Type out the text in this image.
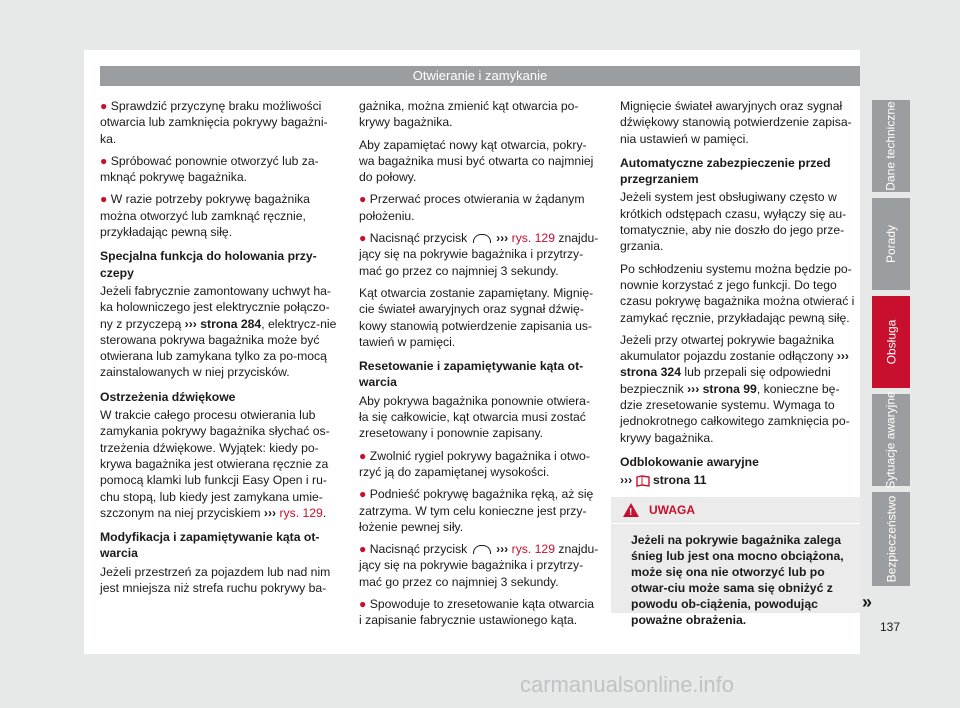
Otwieranie i zamykanie

● Sprawdzić przyczynę braku możliwości otwarcia lub zamknięcia pokrywy bagażni-ka.

● Spróbować ponownie otworzyć lub za-mknąć pokrywę bagażnika.

● W razie potrzeby pokrywę bagażnika można otworzyć lub zamknąć ręcznie, przykładając pewną siłę.

Specjalna funkcja do holowania przy-czepy

Jeżeli fabrycznie zamontowany uchwyt ha-ka holowniczego jest elektrycznie połączo-ny z przyczepą ››› strona 284, elektrycz-nie sterowana pokrywa bagażnika może być otwierana lub zamykana tylko za po-mocą zainstalowanych w niej przycisków.

Ostrzeżenia dźwiękowe

W trakcie całego procesu otwierania lub zamykania pokrywy bagażnika słychać os-trzeżenia dźwiękowe. Wyjątek: kiedy po-krywa bagażnika jest otwierana ręcznie za pomocą klamki lub funkcji Easy Open i ru-chu stopą, lub kiedy jest zamykana umie-szczonym na niej przyciskiem ››› rys. 129.

Modyfikacja i zapamiętywanie kąta ot-warcia

Jeżeli przestrzeń za pojazdem lub nad nim jest mniejsza niż strefa ruchu pokrywy ba-

gażnika, można zmienić kąt otwarcia po-krywy bagażnika.

Aby zapamiętać nowy kąt otwarcia, pokry-wa bagażnika musi być otwarta co najmniej do połowy.

● Przerwać proces otwierania w żądanym położeniu.

● Nacisnąć przycisk  ››› rys. 129 znajdu-jący się na pokrywie bagażnika i przytrzy-mać go przez co najmniej 3 sekundy.

Kąt otwarcia zostanie zapamiętany. Mignię-cie świateł awaryjnych oraz sygnał dźwię-kowy stanowią potwierdzenie zapisania us-tawień w pamięci.

Resetowanie i zapamiętywanie kąta ot-warcia

Aby pokrywa bagażnika ponownie otwiera-ła się całkowicie, kąt otwarcia musi zostać zresetowany i ponownie zapisany.

● Zwolnić rygiel pokrywy bagażnika i otwo-rzyć ją do zapamiętanej wysokości.

● Podnieść pokrywę bagażnika ręką, aż się zatrzyma. W tym celu konieczne jest przy-łożenie pewnej siły.

● Nacisnąć przycisk  ››› rys. 129 znajdu-jący się na pokrywie bagażnika i przytrzy-mać go przez co najmniej 3 sekundy.

● Spowoduje to zresetowanie kąta otwarcia i zapisanie fabrycznie ustawionego kąta.

Mignięcie świateł awaryjnych oraz sygnał dźwiękowy stanowią potwierdzenie zapisa-nia ustawień w pamięci.

Automatyczne zabezpieczenie przed przegrzaniem

Jeżeli system jest obsługiwany często w krótkich odstępach czasu, wyłączy się au-tomatycznie, aby nie doszło do jego prze-grzania.

Po schłodzeniu systemu można będzie po-nownie korzystać z jego funkcji. Do tego czasu pokrywę bagażnika można otwierać i zamykać ręcznie, przykładając pewną siłę.

Jeżeli przy otwartej pokrywie bagażnika akumulator pojazdu zostanie odłączony ››› strona 324 lub przepali się odpowiedni bezpiecznik ››› strona 99, konieczne bę-dzie zresetowanie systemu. Wymaga to jednokrotnego całkowitego zamknięcia po-krywy bagażnika.

Odblokowanie awaryjne

›››  strona 11

!
UWAGA
Jeżeli na pokrywie bagażnika zalega śnieg lub jest ona mocno obciążona, może się ona nie otworzyć lub po otwar-ciu może sama się obniżyć z powodu ob-ciążenia, powodując poważne obrażenia.
»
Dane techniczne
Porady
Obsługa
Sytuacje awaryjne
Bezpieczeństwo
137
carmanualsonline.info
